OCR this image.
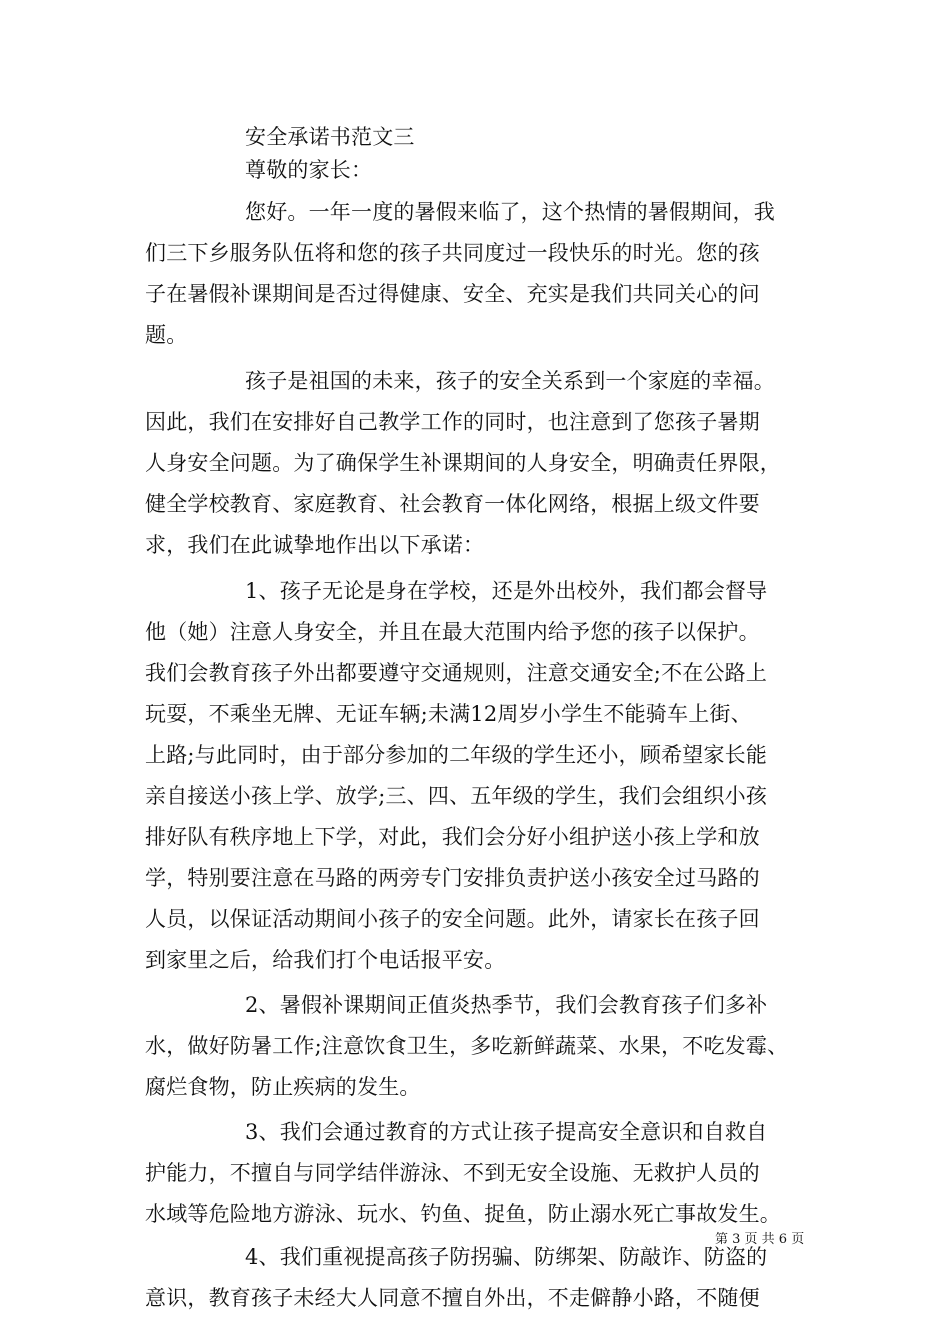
安全承诺书范文三
尊敬的家长：
您好。一年一度的暑假来临了，这个热情的暑假期间，我
们三下乡服务队伍将和您的孩子共同度过一段快乐的时光。您的孩
子在暑假补课期间是否过得健康、安全、充实是我们共同关心的问
题。
孩子是祖国的未来，孩子的安全关系到一个家庭的幸福。
因此，我们在安排好自己教学工作的同时，也注意到了您孩子暑期
人身安全问题。为了确保学生补课期间的人身安全，明确责任界限，
健全学校教育、家庭教育、社会教育一体化网络，根据上级文件要
求，我们在此诚挚地作出以下承诺：
1、孩子无论是身在学校，还是外出校外，我们都会督导
他（她）注意人身安全，并且在最大范围内给予您的孩子以保护。
我们会教育孩子外出都要遵守交通规则，注意交通安全;不在公路上
玩耍，不乘坐无牌、无证车辆;未满12周岁小学生不能骑车上街、
上路;与此同时，由于部分参加的二年级的学生还小，顾希望家长能
亲自接送小孩上学、放学;三、四、五年级的学生，我们会组织小孩
排好队有秩序地上下学，对此，我们会分好小组护送小孩上学和放
学，特别要注意在马路的两旁专门安排负责护送小孩安全过马路的
人员，以保证活动期间小孩子的安全问题。此外，请家长在孩子回
到家里之后，给我们打个电话报平安。
2、暑假补课期间正值炎热季节，我们会教育孩子们多补
水，做好防暑工作;注意饮食卫生，多吃新鲜蔬菜、水果，不吃发霉、
腐烂食物，防止疾病的发生。
3、我们会通过教育的方式让孩子提高安全意识和自救自
护能力，不擅自与同学结伴游泳、不到无安全设施、无救护人员的
水域等危险地方游泳、玩水、钓鱼、捉鱼，防止溺水死亡事故发生。
4、我们重视提高孩子防拐骗、防绑架、防敲诈、防盗的
意识，教育孩子未经大人同意不擅自外出，不走僻静小路，不随便
第 3 页 共 6 页
